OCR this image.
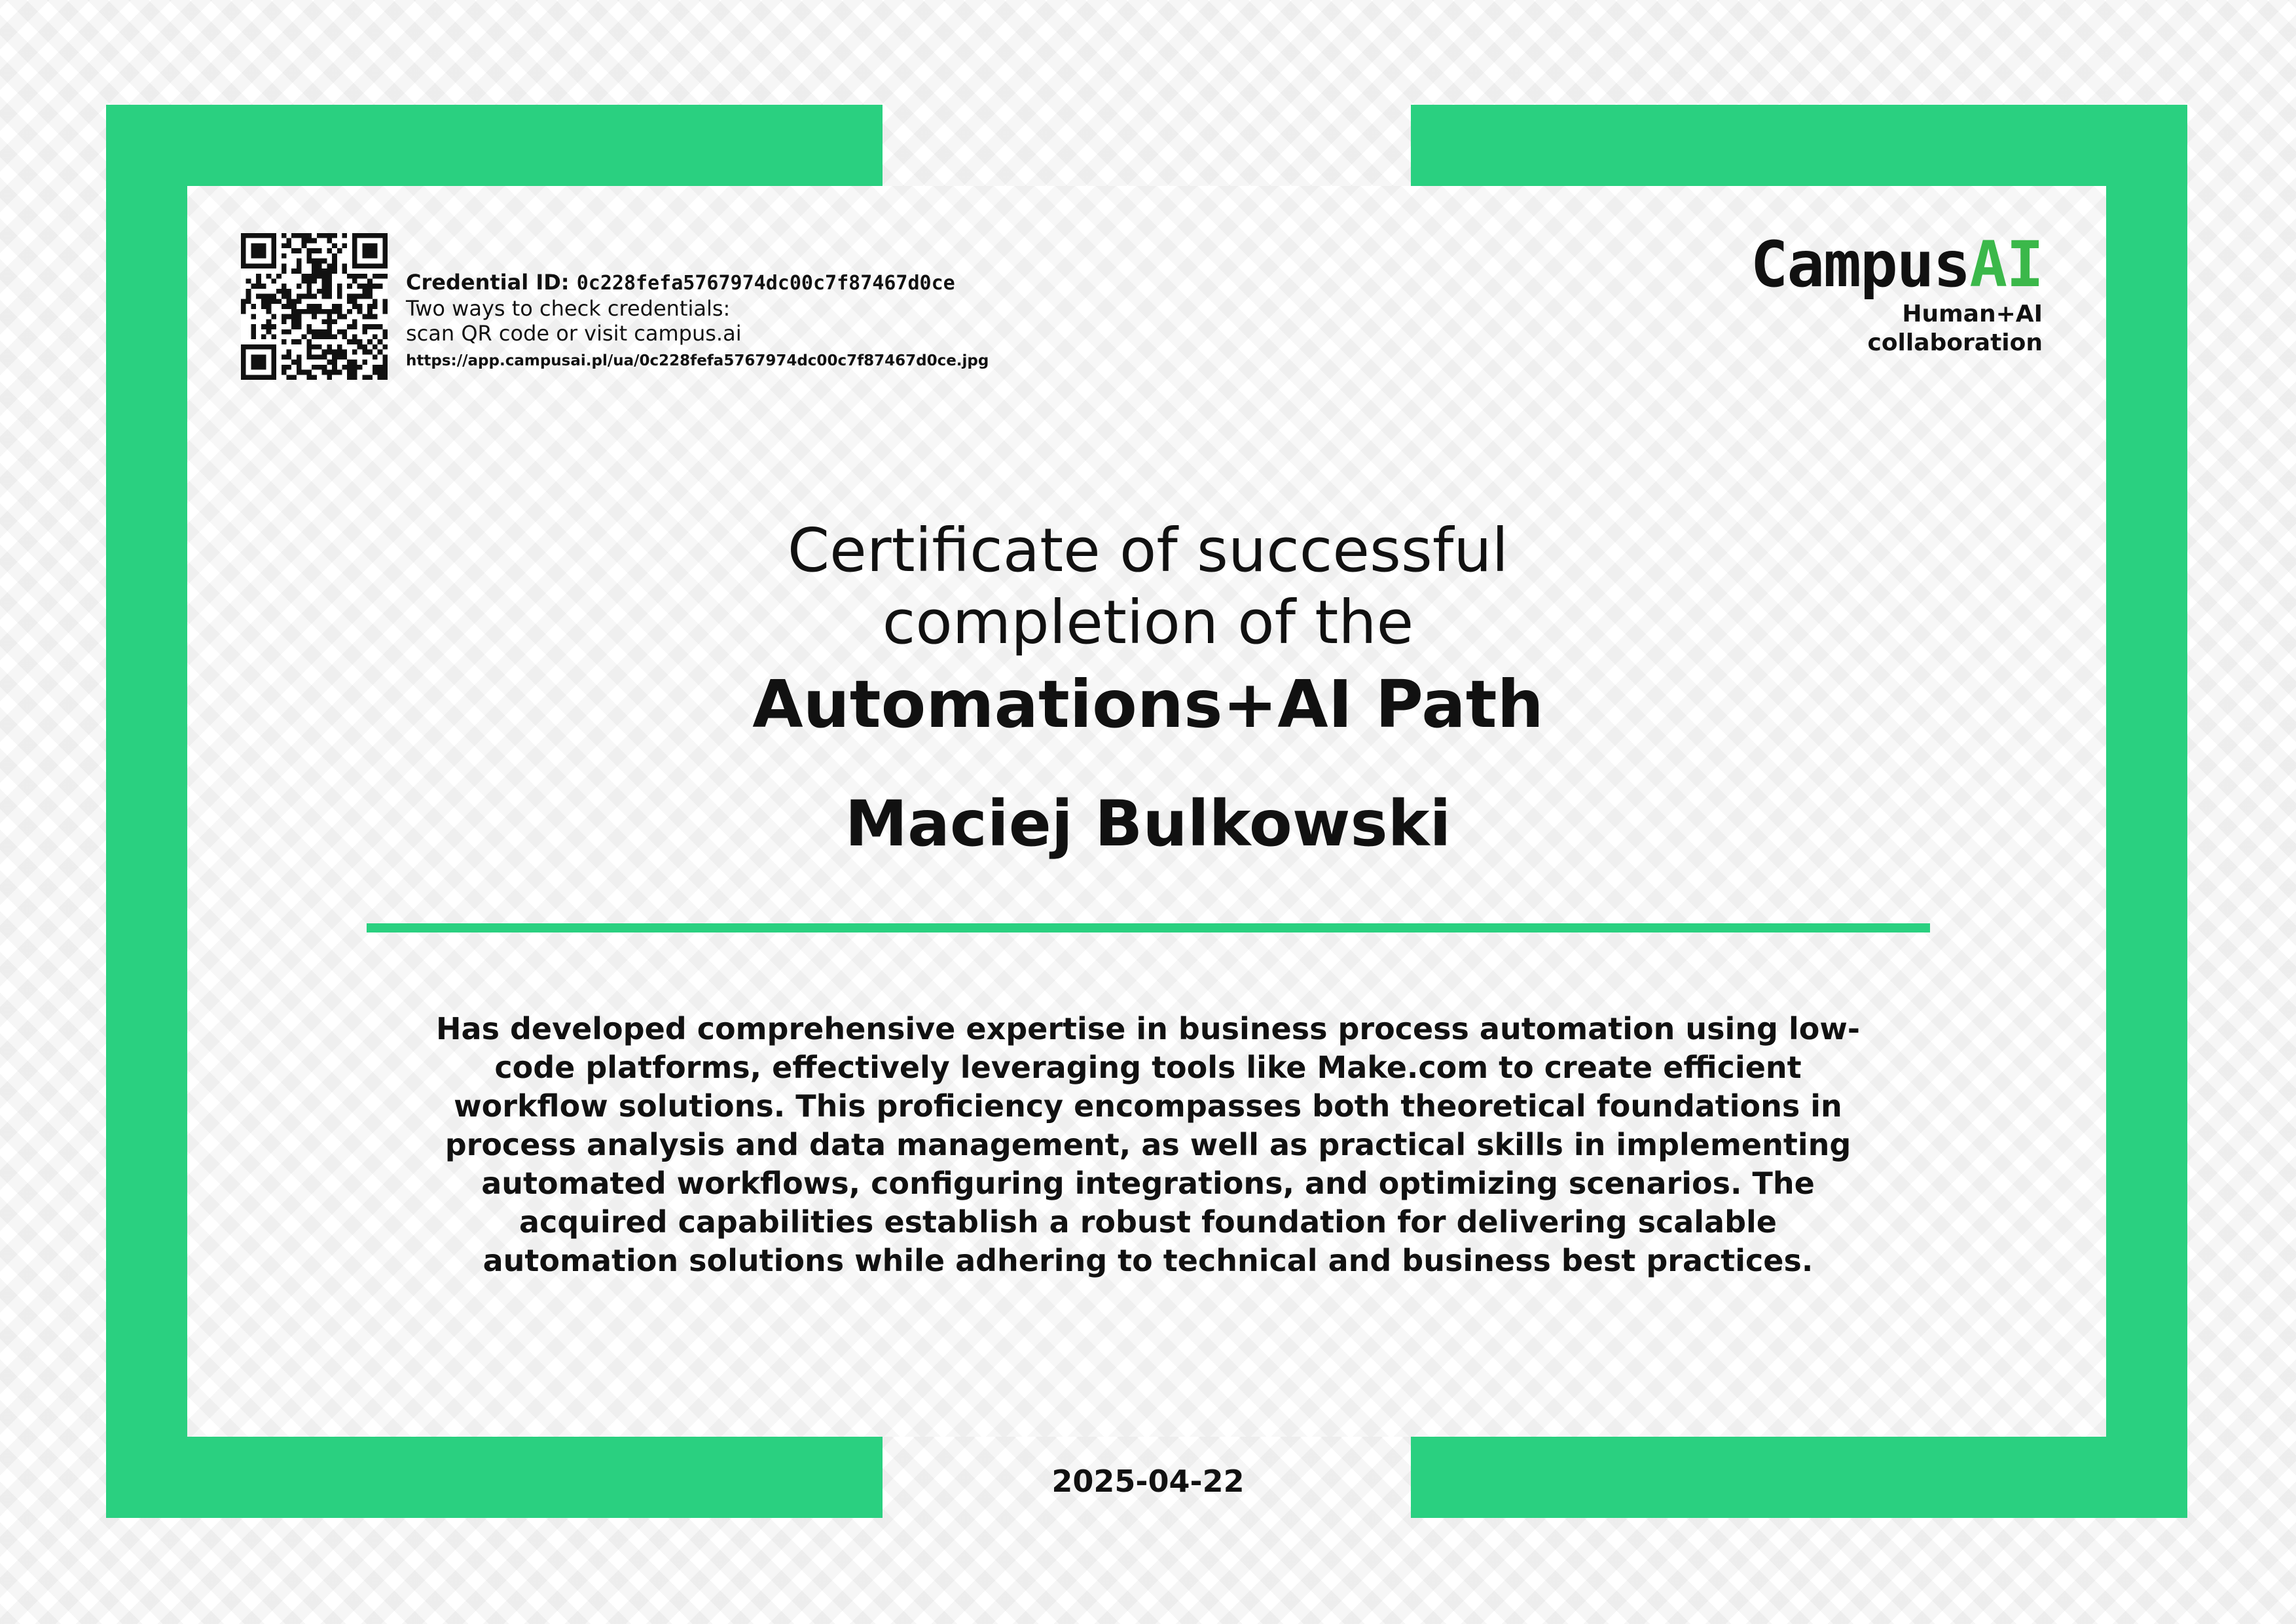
Credential ID: 0c228fefa5767974dc00c7f87467d0ce
Two ways to check credentials:
scan QR code or visit campus.ai
https://app.campusai.pl/ua/0c228fefa5767974dc00c7f87467d0ce.jpg
CampusAI
Human+AI collaboration
Certificate of successful
completion of the
Automations+AI Path
Maciej Bulkowski
Has developed comprehensive expertise in business process automation using low-code platforms, effectively leveraging tools like Make.com to create efficient workflow solutions. This proficiency encompasses both theoretical foundations in process analysis and data management, as well as practical skills in implementing automated workflows, configuring integrations, and optimizing scenarios. The acquired capabilities establish a robust foundation for delivering scalable automation solutions while adhering to technical and business best practices.
2025-04-22
